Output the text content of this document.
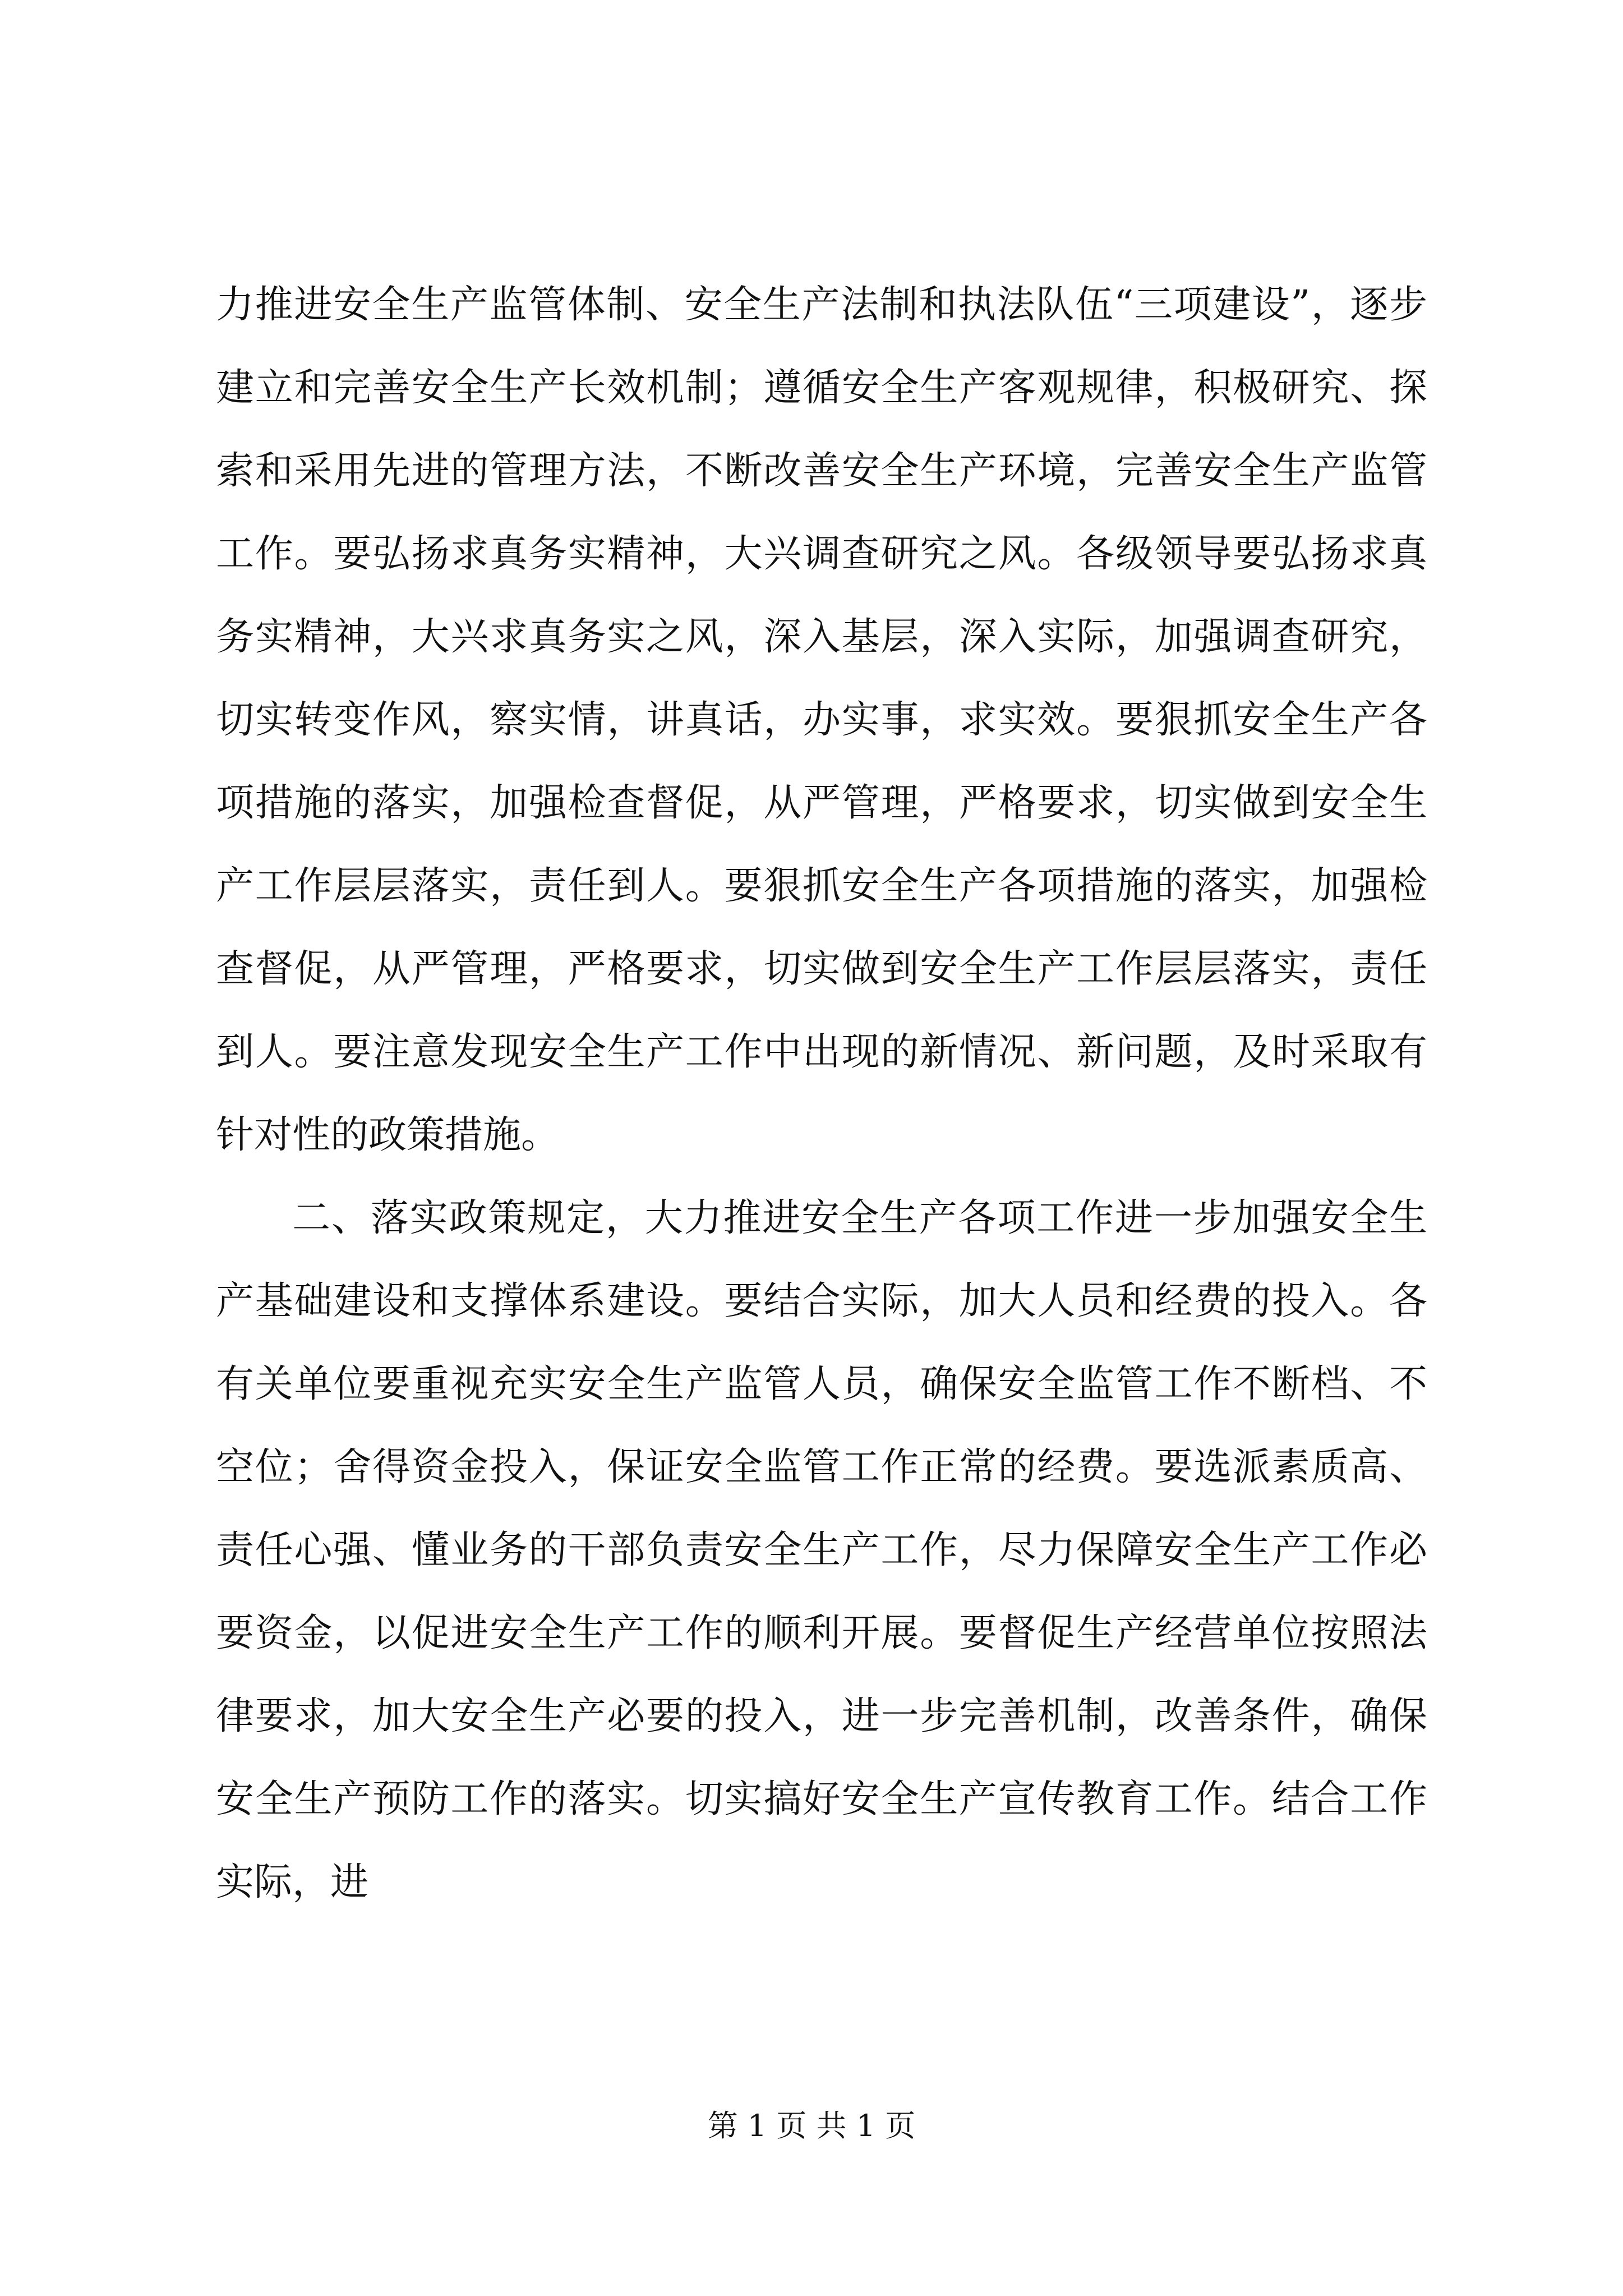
力推进安全生产监管体制、安全生产法制和执法队伍“三项建设”，逐步建立和完善安全生产长效机制；遵循安全生产客观规律，积极研究、探索和采用先进的管理方法，不断改善安全生产环境，完善安全生产监管工作。要弘扬求真务实精神，大兴调查研究之风。各级领导要弘扬求真务实精神，大兴求真务实之风，深入基层，深入实际，加强调查研究，切实转变作风，察实情，讲真话，办实事，求实效。要狠抓安全生产各项措施的落实，加强检查督促，从严管理，严格要求，切实做到安全生产工作层层落实，责任到人。要狠抓安全生产各项措施的落实，加强检查督促，从严管理，严格要求，切实做到安全生产工作层层落实，责任到人。要注意发现安全生产工作中出现的新情况、新问题，及时采取有针对性的政策措施。

二、落实政策规定，大力推进安全生产各项工作进一步加强安全生产基础建设和支撑体系建设。要结合实际，加大人员和经费的投入。各有关单位要重视充实安全生产监管人员，确保安全监管工作不断档、不空位；舍得资金投入，保证安全监管工作正常的经费。要选派素质高、责任心强、懂业务的干部负责安全生产工作，尽力保障安全生产工作必要资金，以促进安全生产工作的顺利开展。要督促生产经营单位按照法律要求，加大安全生产必要的投入，进一步完善机制，改善条件，确保安全生产预防工作的落实。切实搞好安全生产宣传教育工作。结合工作实际，进

第 1 页 共 1 页
